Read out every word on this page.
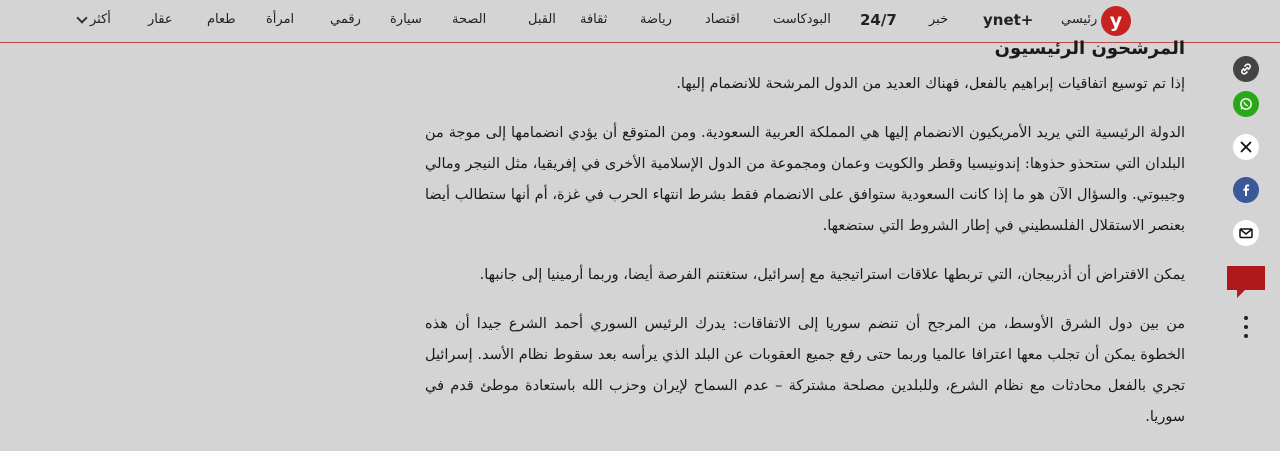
y
رئيسي
ynet+
خبر
24/7
البودكاست
اقتصاد
رياضة
ثقافة
القبل
الصحة
سيارة
رقمي
امرأة
طعام
عقار
أكثر
المرشحون الرئيسيون

إذا تم توسيع اتفاقيات إبراهيم بالفعل، فهناك العديد من الدول المرشحة للانضمام إليها.

الدولة الرئيسية التي يريد الأمريكيون الانضمام إليها هي المملكة العربية السعودية. ومن المتوقع أن يؤدي انضمامها إلى موجة من البلدان التي ستحذو حذوها: إندونيسيا وقطر والكويت وعمان ومجموعة من الدول الإسلامية الأخرى في إفريقيا، مثل النيجر ومالي وجيبوتي. والسؤال الآن هو ما إذا كانت السعودية ستوافق على الانضمام فقط بشرط انتهاء الحرب في غزة، أم أنها ستطالب أيضا بعنصر الاستقلال الفلسطيني في إطار الشروط التي ستضعها.

يمكن الافتراض أن أذربيجان، التي تربطها علاقات استراتيجية مع إسرائيل، ستغتنم الفرصة أيضا، وربما أرمينيا إلى جانبها.

من بين دول الشرق الأوسط، من المرجح أن تنضم سوريا إلى الاتفاقات: يدرك الرئيس السوري أحمد الشرع جيدا أن هذه الخطوة يمكن أن تجلب معها اعترافا عالميا وربما حتى رفع جميع العقوبات عن البلد الذي يرأسه بعد سقوط نظام الأسد. إسرائيل تجري بالفعل محادثات مع نظام الشرع، وللبلدين مصلحة مشتركة – عدم السماح لإيران وحزب الله باستعادة موطئ قدم في سوريا.
